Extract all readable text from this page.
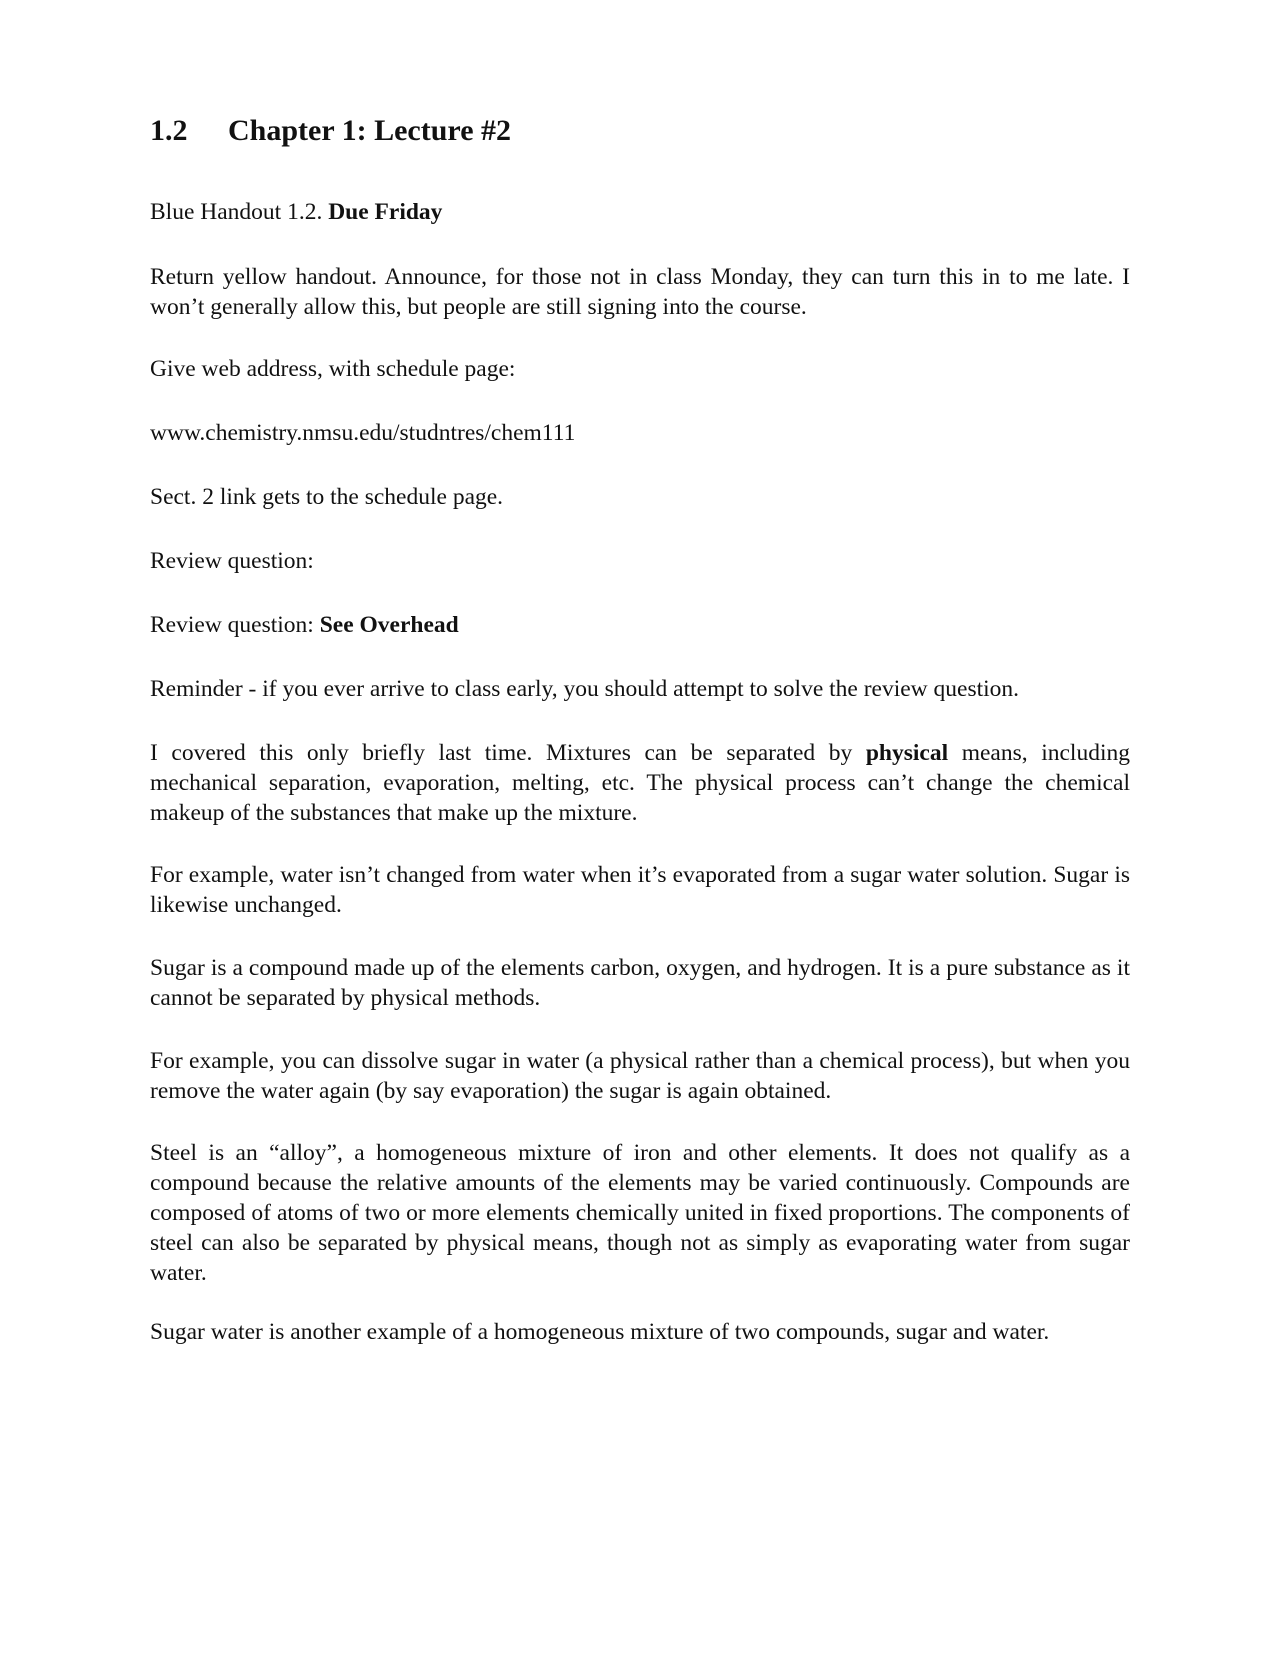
1.2 Chapter 1: Lecture #2

Blue Handout 1.2. Due Friday

Return yellow handout. Announce, for those not in class Monday, they can turn this in to me late. I won’t generally allow this, but people are still signing into the course.

Give web address, with schedule page:

www.chemistry.nmsu.edu/studntres/chem111

Sect. 2 link gets to the schedule page.

Review question:

Review question: See Overhead

Reminder - if you ever arrive to class early, you should attempt to solve the review question.

I covered this only briefly last time. Mixtures can be separated by physical means, including mechanical separation, evaporation, melting, etc. The physical process can’t change the chemical makeup of the substances that make up the mixture.

For example, water isn’t changed from water when it’s evaporated from a sugar water solution. Sugar is likewise unchanged.

Sugar is a compound made up of the elements carbon, oxygen, and hydrogen. It is a pure substance as it cannot be separated by physical methods.

For example, you can dissolve sugar in water (a physical rather than a chemical process), but when you remove the water again (by say evaporation) the sugar is again obtained.

Steel is an “alloy”, a homogeneous mixture of iron and other elements. It does not qualify as a compound because the relative amounts of the elements may be varied continuously. Compounds are composed of atoms of two or more elements chemically united in fixed proportions. The components of steel can also be separated by physical means, though not as simply as evaporating water from sugar water.

Sugar water is another example of a homogeneous mixture of two compounds, sugar and water.
